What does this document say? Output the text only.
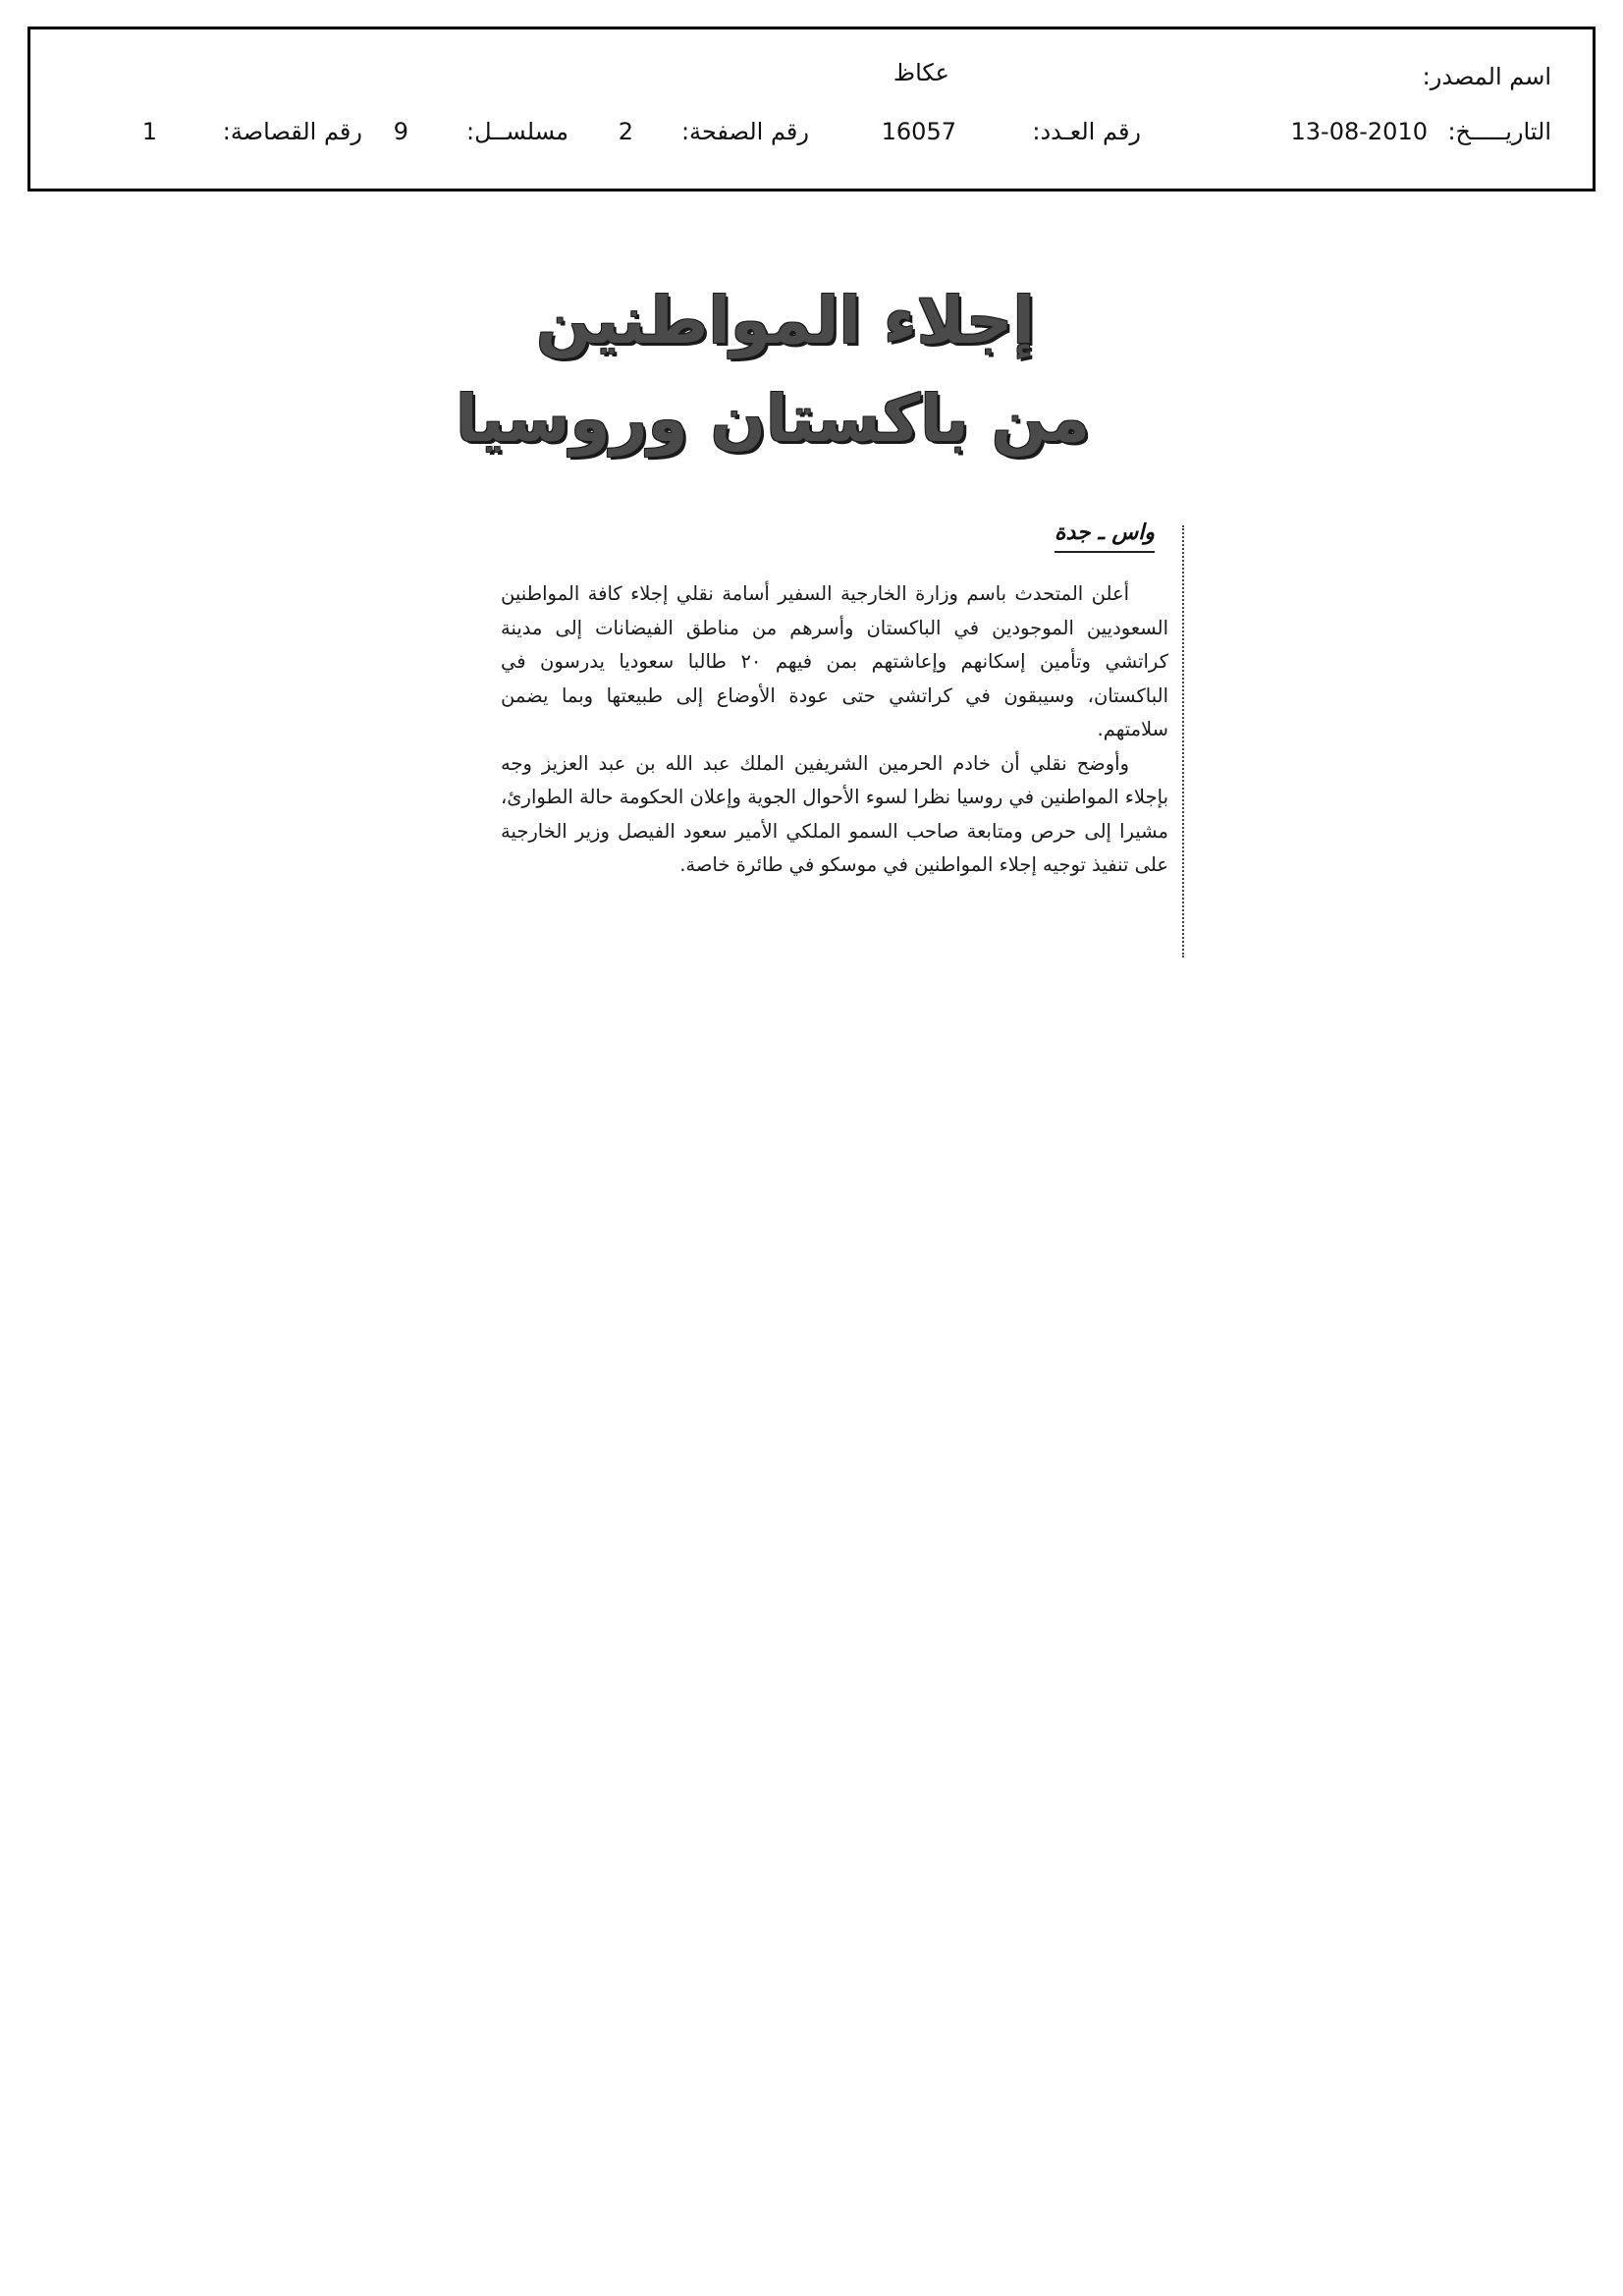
اسم المصدر:
عكاظ
التاريـــــخ:
13-08-2010
رقم العـدد:
16057
رقم الصفحة:
2
مسلســل:
9
رقم القصاصة:
1
إجلاء المواطنين
من باكستان وروسيا
واس ـ جدة

أعلن المتحدث باسم وزارة الخارجية السفير أسامة نقلي إجلاء كافة المواطنين السعوديين الموجودين في الباكستان وأسرهم من مناطق الفيضانات إلى مدينة كراتشي وتأمين إسكانهم وإعاشتهم بمن فيهم ٢٠ طالبا سعوديا يدرسون في الباكستان، وسيبقون في كراتشي حتى عودة الأوضاع إلى طبيعتها وبما يضمن سلامتهم.

وأوضح نقلي أن خادم الحرمين الشريفين الملك عبد الله بن عبد العزيز وجه بإجلاء المواطنين في روسيا نظرا لسوء الأحوال الجوية وإعلان الحكومة حالة الطوارئ، مشيرا إلى حرص ومتابعة صاحب السمو الملكي الأمير سعود الفيصل وزير الخارجية على تنفيذ توجيه إجلاء المواطنين في موسكو في طائرة خاصة.
